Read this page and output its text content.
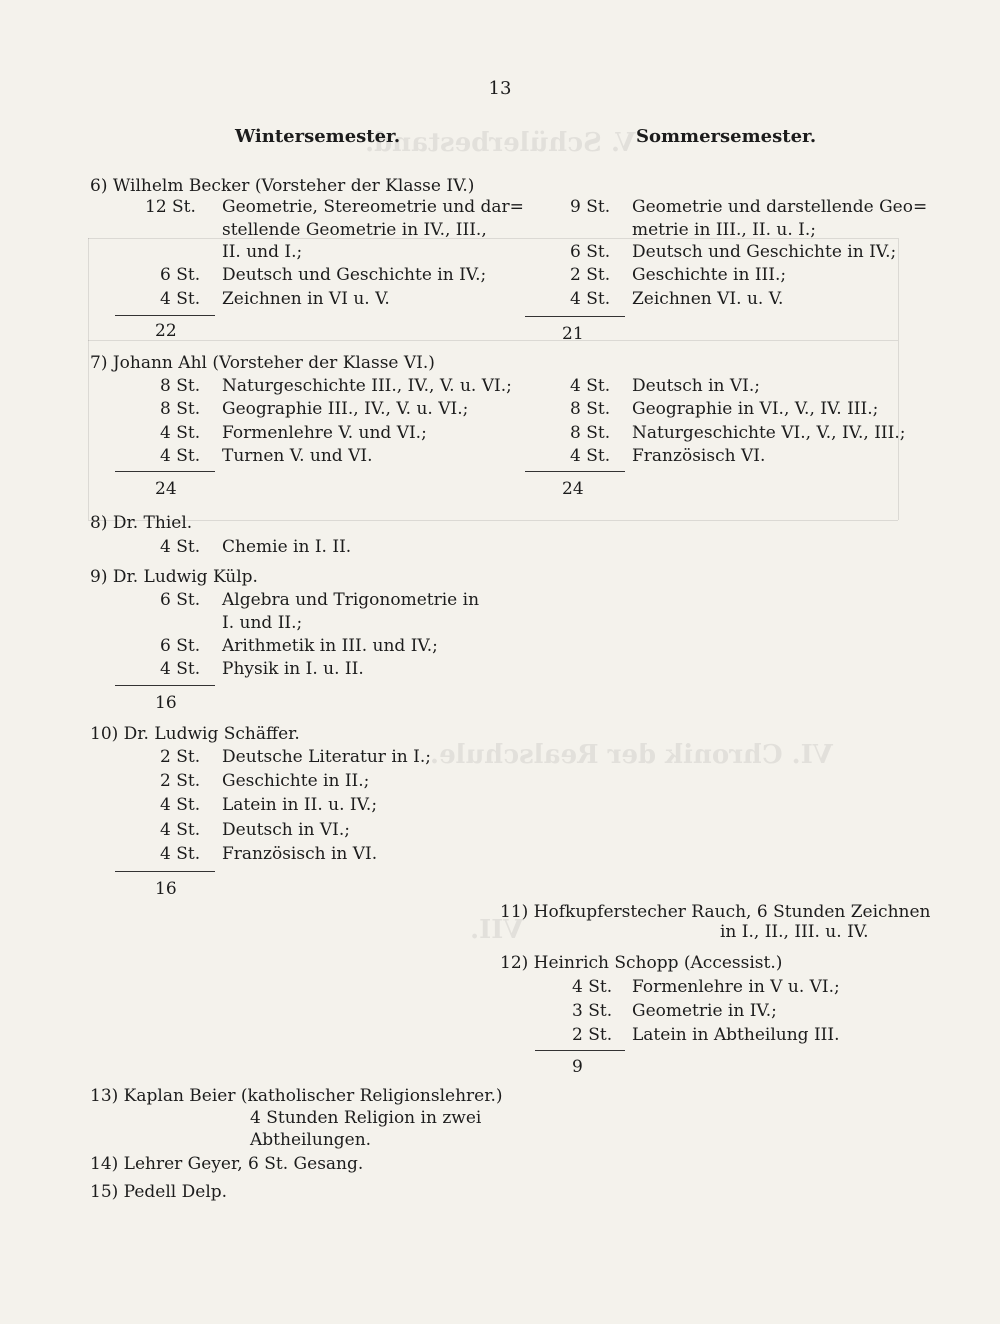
V. Schülerbestand.
VI. Chronik der Realschule.
VII.
13
Wintersemester.	Sommersemester.
6) Wilhelm Becker (Vorsteher der Klasse IV.)
12 St. Geometrie, Stereometrie und dar=
stellende Geometrie in IV., III.,
II. und I.;
6 St. Deutsch und Geschichte in IV.;
4 St. Zeichnen in VI u. V.
22
7) Johann Ahl (Vorsteher der Klasse VI.)
8 St. Naturgeschichte III., IV., V. u. VI.;
8 St. Geographie III., IV., V. u. VI.;
4 St. Formenlehre V. und VI.;
4 St. Turnen V. und VI.
24
8) Dr. Thiel.
4 St. Chemie in I. II.
9) Dr. Ludwig Külp.
6 St. Algebra und Trigonometrie in
I. und II.;
6 St. Arithmetik in III. und IV.;
4 St. Physik in I. u. II.
16
10) Dr. Ludwig Schäffer.
2 St. Deutsche Literatur in I.;
2 St. Geschichte in II.;
4 St. Latein in II. u. IV.;
4 St. Deutsch in VI.;
4 St. Französisch in VI.
16
9 St. Geometrie und darstellende Geo=
metrie in III., II. u. I.;
6 St. Deutsch und Geschichte in IV.;
2 St. Geschichte in III.;
4 St. Zeichnen VI. u. V.
21
4 St. Deutsch in VI.;
8 St. Geographie in VI., V., IV. III.;
8 St. Naturgeschichte VI., V., IV., III.;
4 St. Französisch VI.
24
11) Hofkupferstecher Rauch, 6 Stunden Zeichnen
in I., II., III. u. IV.
12) Heinrich Schopp (Accessist.)
4 St. Formenlehre in V u. VI.;
3 St. Geometrie in IV.;
2 St. Latein in Abtheilung III.
9
13) Kaplan Beier (katholischer Religionslehrer.)
4 Stunden Religion in zwei
Abtheilungen.
14) Lehrer Geyer, 6 St. Gesang.
15) Pedell Delp.
